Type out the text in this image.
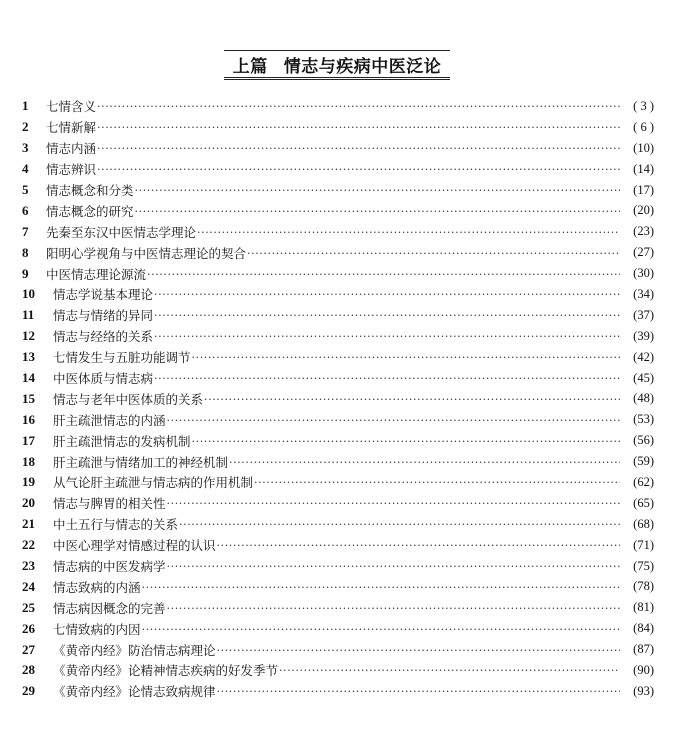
上篇 情志与疾病中医泛论
1	七情含义 ·····	( 3 )
2	七情新解 ·····	( 6 )
3	情志内涵 ·····	(10)
4	情志辨识 ·····	(14)
5	情志概念和分类 ·····	(17)
6	情志概念的研究 ·····	(20)
7	先秦至东汉中医情志学理论 ·····	(23)
8	阳明心学视角与中医情志理论的契合 ·····	(27)
9	中医情志理论源流 ·····	(30)
10	情志学说基本理论 ·····	(34)
11	情志与情绪的异同 ·····	(37)
12	情志与经络的关系 ·····	(39)
13	七情发生与五脏功能调节 ·····	(42)
14	中医体质与情志病 ·····	(45)
15	情志与老年中医体质的关系 ·····	(48)
16	肝主疏泄情志的内涵 ·····	(53)
17	肝主疏泄情志的发病机制 ·····	(56)
18	肝主疏泄与情绪加工的神经机制 ·····	(59)
19	从气论肝主疏泄与情志病的作用机制 ·····	(62)
20	情志与脾胃的相关性 ·····	(65)
21	中土五行与情志的关系 ·····	(68)
22	中医心理学对情感过程的认识 ·····	(71)
23	情志病的中医发病学 ·····	(75)
24	情志致病的内涵 ·····	(78)
25	情志病因概念的完善 ·····	(81)
26	七情致病的内因 ·····	(84)
27	《黄帝内经》防治情志病理论 ·····	(87)
28	《黄帝内经》论精神情志疾病的好发季节 ·····	(90)
29	《黄帝内经》论情志致病规律 ·····	(93)
